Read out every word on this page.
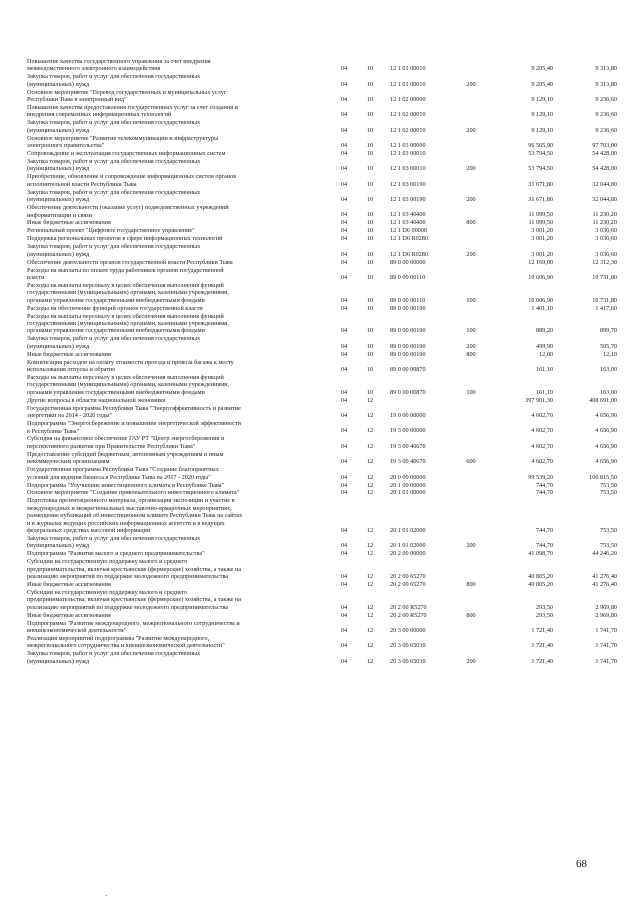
Повышение качества государственного управления за счет внедрения
межведомственного электронного взаимодействия	04	10	12 1 01 00010	9 205,40	9 313,80
Закупка товаров, работ и услуг для обеспечения государственных
(муниципальных) нужд	04	10	12 1 01 00010	200	9 205,40	9 313,80
Основное мероприятие "Перевод государственных и муниципальных услуг
Республики Тыва в электронный вид"	04	10	12 1 02 00000	9 129,10	9 236,60
Повышение качества предоставления государственных услуг за счет создания и
внедрения современных информационных технологий	04	10	12 1 02 00010	9 129,10	9 236,60
Закупка товаров, работ и услуг для обеспечения государственных
(муниципальных) нужд	04	10	12 1 02 00010	200	9 129,10	9 236,60
Основное мероприятие "Развитие телекоммуникации и инфраструктуры
электронного правительства"	04	10	12 1 03 00000	96 565,90	97 703,00
Сопровождение и эксплуатация государственных информационных систем	04	10	12 1 03 00010	53 794,50	54 428,00
Закупка товаров, работ и услуг для обеспечения государственных
(муниципальных) нужд	04	10	12 1 03 00010	200	53 794,50	54 428,00
Приобретение, обновление и сопровождение информационных систем органов
исполнительной власти Республики Тыва	04	10	12 1 03 00190	31 671,80	32 044,80
Закупка товаров, работ и услуг для обеспечения государственных
(муниципальных) нужд	04	10	12 1 03 00190	200	31 671,80	32 044,80
Обеспечение деятельности (оказание услуг) подведомственных учреждений
информатизации и связи	04	10	12 1 03 40400	11 099,50	11 230,20
Иные бюджетные ассигнования	04	10	12 1 03 40400	800	11 099,50	11 230,20
Региональный проект "Цифровое государственное управление"	04	10	12 1 D6 00000	3 001,20	3 036,60
Поддержка региональных проектов в сфере информационных технологий	04	10	12 1 D6 R0280	3 001,20	3 036,60
Закупка товаров, работ и услуг для обеспечения государственных
(муниципальных) нужд	04	10	12 1 D6 R0280	200	3 001,20	3 036,60
Обеспечение деятельности органов государственной власти Республики Тыва	04	10	89 0 00 00000	12 169,00	12 312,30
Расходы на выплаты по оплате труда работников органов государственной
власти	04	10	89 0 00 00110	10 606,90	10 731,80
Расходы на выплаты персоналу в целях обеспечения выполнения функций
государственными (муниципальными) органами, казенными учреждениями,
органами управления государственными внебюджетными фондами	04	10	89 0 00 00110	100	10 606,90	10 731,80
Расходы на обеспечение функций органов государственной власти	04	10	89 0 00 00190	1 401,10	1 417,60
Расходы на выплаты персоналу в целях обеспечения выполнения функций
государственными (муниципальными) органами, казенными учреждениями,
органами управления государственными внебюджетными фондами	04	10	89 0 00 00190	100	889,20	899,70
Закупка товаров, работ и услуг для обеспечения государственных
(муниципальных) нужд	04	10	89 0 00 00190	200	499,90	505,70
Иные бюджетные ассигнования	04	10	89 0 00 00190	800	12,00	12,10
Компенсация расходов на оплату стоимости проезда и провоза багажа к месту
использования отпуска и обратно	04	10	89 0 00 00870	161,10	163,00
Расходы на выплаты персоналу в целях обеспечения выполнения функций
государственными (муниципальными) органами, казенными учреждениями,
органами управления государственными внебюджетными фондами	04	10	89 0 00 00870	100	161,10	163,00
Другие вопросы в области национальной экономики	04	12	397 901,30	408 691,00
Государственная программа Республики Тыва "Энергоэффективность и развитие
энергетики на 2014 - 2020 годы"	04	12	19 0 00 00000	4 602,70	4 656,90
Подпрограмма "Энергосбережение и повышение энергетической эффективности
в Республике Тыва"	04	12	19 3 00 00000	4 602,70	4 656,90
Субсидия на финансовое обеспечение ГАУ РТ "Центр энергосбережения и
перспективного развития при Правительстве Республики Тыва"	04	12	19 3 00 40670	4 602,70	4 656,90
Предоставление субсидий бюджетным, автономным учреждениям и иным
некоммерческим организациям	04	12	19 3 00 40670	600	4 602,70	4 656,90
Государственная программа Республики Тыва "Создание благоприятных
условий для ведения бизнеса в Республике Тыва на 2017 - 2020 годы"	04	12	20 0 00 00000	99 539,20	106 815,50
Подпрограмма "Улучшение инвестиционного климата в Республике Тыва"	04	12	20 1 00 00000	744,70	753,50
Основное мероприятие "Создание привлекательного инвестиционного климата"	04	12	20 1 01 00000	744,70	753,50
Подготовка презентационного материала, организация экспозиции и участие в
международных и межрегиональных выставочно-ярмарочных мероприятиях,
размещение публикаций об инвестиционном климате Республики Тыва на сайтах
и в журналах ведущих российских информационных агентств и в ведущих
федеральных средствах массовой информации	04	12	20 1 01 02000	744,70	753,50
Закупка товаров, работ и услуг для обеспечения государственных
(муниципальных) нужд	04	12	20 1 01 02000	200	744,70	753,50
Подпрограмма "Развитие малого и среднего предпринимательства"	04	12	20 2 00 00000	41 098,70	44 246,20
Субсидии на государственную поддержку малого и среднего
предпринимательства, включая крестьянские (фермерские) хозяйства, а также на
реализацию мероприятий по поддержке молодежного предпринимательства	04	12	20 2 00 65270	40 805,20	41 276,40
Иные бюджетные ассигнования	04	12	20 2 00 65270	800	40 805,20	41 276,40
Субсидии на государственную поддержку малого и среднего
предпринимательства, включая крестьянские (фермерские) хозяйства, а также на
реализацию мероприятий по поддержке молодежного предпринимательства	04	12	20 2 00 R5270	293,50	2 969,80
Иные бюджетные ассигнования	04	12	20 2 00 R5270	800	293,50	2 969,80
Подпрограмма "Развитие международного, межрегионального сотрудничества и
внешнеэкономической деятельности"	04	12	20 3 00 00000	1 721,40	1 741,70
Реализация мероприятий подпрограммы "Развитие международного,
межрегионального сотрудничества и внешнеэкономической деятельности"	04	12	20 3 00 65030	1 721,40	1 741,70
Закупка товаров, работ и услуг для обеспечения государственных
(муниципальных) нужд	04	12	20 3 00 65030	200	1 721,40	1 741,70
68
